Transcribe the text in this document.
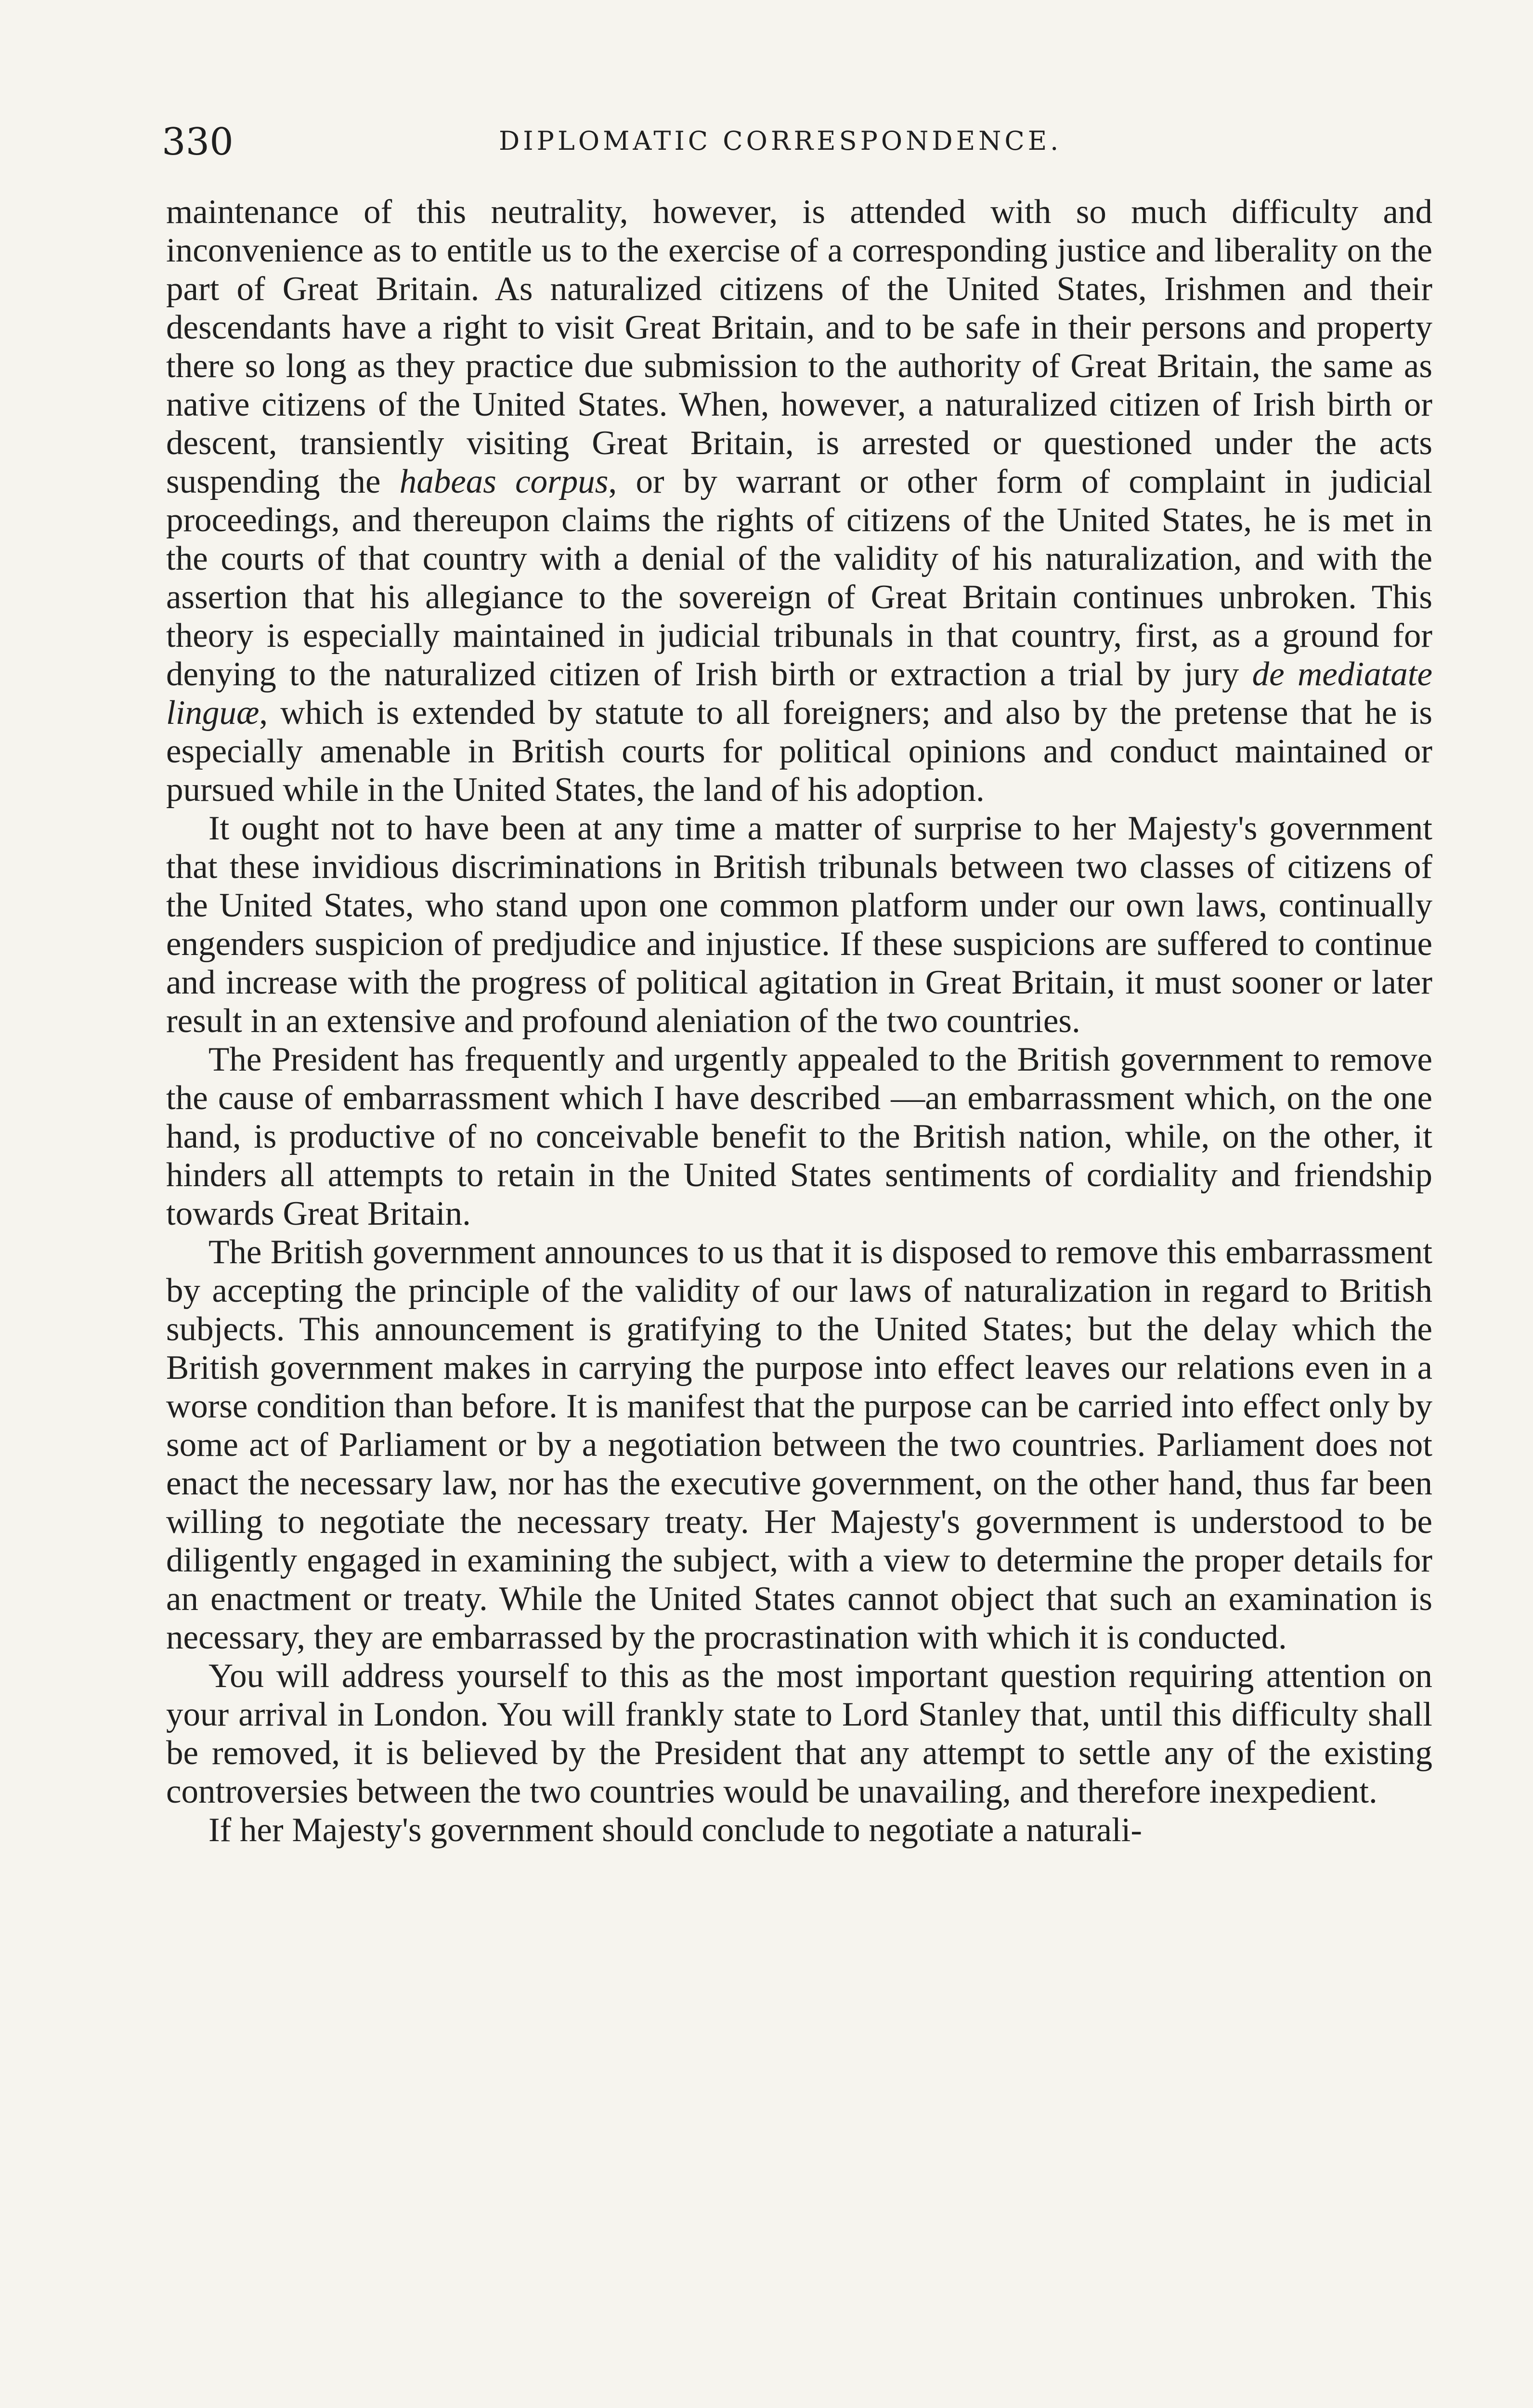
330	DIPLOMATIC CORRESPONDENCE.

maintenance of this neutrality, however, is attended with so much difficulty and inconvenience as to entitle us to the exercise of a corresponding justice and liberality on the part of Great Britain. As naturalized citizens of the United States, Irishmen and their descendants have a right to visit Great Britain, and to be safe in their persons and property there so long as they practice due submission to the authority of Great Britain, the same as native citizens of the United States. When, however, a naturalized citizen of Irish birth or descent, transiently visiting Great Britain, is arrested or questioned under the acts suspending the habeas corpus, or by warrant or other form of complaint in judicial proceedings, and thereupon claims the rights of citizens of the United States, he is met in the courts of that country with a denial of the validity of his naturalization, and with the assertion that his allegiance to the sovereign of Great Britain continues unbroken. This theory is especially maintained in judicial tribunals in that country, first, as a ground for denying to the naturalized citizen of Irish birth or extraction a trial by jury de mediatate linguæ, which is extended by statute to all foreigners; and also by the pretense that he is especially amenable in British courts for political opinions and conduct maintained or pursued while in the United States, the land of his adoption.

It ought not to have been at any time a matter of surprise to her Majesty's government that these invidious discriminations in British tribunals between two classes of citizens of the United States, who stand upon one common platform under our own laws, continually engenders suspicion of predjudice and injustice. If these suspicions are suffered to continue and increase with the progress of political agitation in Great Britain, it must sooner or later result in an extensive and profound aleniation of the two countries.

The President has frequently and urgently appealed to the British government to remove the cause of embarrassment which I have described —an embarrassment which, on the one hand, is productive of no conceivable benefit to the British nation, while, on the other, it hinders all attempts to retain in the United States sentiments of cordiality and friendship towards Great Britain.

The British government announces to us that it is disposed to remove this embarrassment by accepting the principle of the validity of our laws of naturalization in regard to British subjects. This announcement is gratifying to the United States; but the delay which the British government makes in carrying the purpose into effect leaves our relations even in a worse condition than before. It is manifest that the purpose can be carried into effect only by some act of Parliament or by a negotiation between the two countries. Parliament does not enact the necessary law, nor has the executive government, on the other hand, thus far been willing to negotiate the necessary treaty. Her Majesty's government is understood to be diligently engaged in examining the subject, with a view to determine the proper details for an enactment or treaty. While the United States cannot object that such an examination is necessary, they are embarrassed by the procrastination with which it is conducted.

You will address yourself to this as the most important question requiring attention on your arrival in London. You will frankly state to Lord Stanley that, until this difficulty shall be removed, it is believed by the President that any attempt to settle any of the existing controversies between the two countries would be unavailing, and therefore inexpedient.

If her Majesty's government should conclude to negotiate a naturali-
